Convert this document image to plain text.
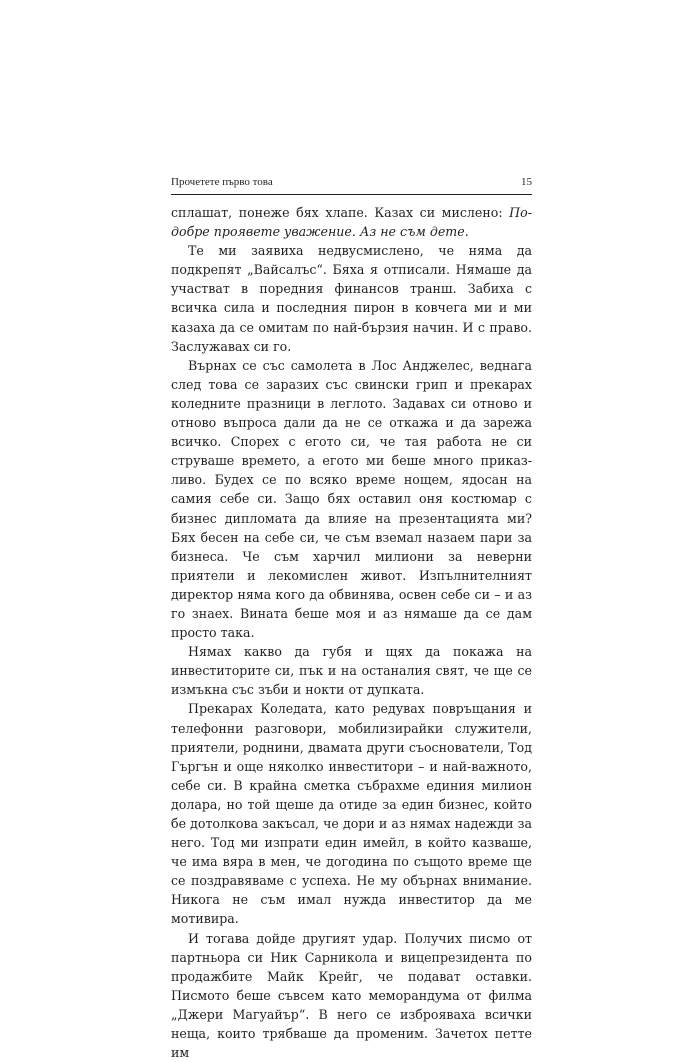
Прочетете първо това	15

сплашат, понеже бях хлапе. Казах си мислено: По-добре проявете уважение. Аз не съм дете.

Те ми заявиха недвусмислено, че няма да подкрепят „Вайсалъс“. Бяха я отписали. Нямаше да участват в поредния финансов транш. Забиха с всичка сила и последния пирон в ковчега ми и ми казаха да се омитам по най-бързия начин. И с право. Заслужавах си го.

Върнах се със самолета в Лос Анджелес, веднага след това се заразих със свински грип и прекарах коледните празници в леглото. Задавах си отново и отново въпроса дали да не се откажа и да зарежа всичко. Спорех с егото си, че тая работа не си струваше времето, а егото ми беше много приказливо. Будех се по всяко време нощем, ядосан на самия себе си. Защо бях оставил оня костюмар с бизнес дипломата да влияе на презентацията ми? Бях бесен на себе си, че съм вземал назаем пари за бизнеса. Че съм харчил милиони за неверни приятели и лекомислен живот. Изпълнителният директор няма кого да обвинява, освен себе си – и аз го знаех. Вината беше моя и аз нямаше да се дам просто така.

Нямах какво да губя и щях да покажа на инвеститорите си, пък и на останалия свят, че ще се измъкна със зъби и нокти от дупката.

Прекарах Коледата, като редувах повръщания и телефонни разговори, мобилизирайки служители, приятели, роднини, двамата други съоснователи, Тод Гъргън и още няколко инвеститори – и най-важното, себе си. В крайна сметка събрахме единия милион долара, но той щеше да отиде за един бизнес, който бе дотолкова закъсал, че дори и аз нямах надежди за него. Тод ми изпрати един имейл, в който казваше, че има вяра в мен, че догодина по същото време ще се поздравяваме с успеха. Не му обърнах внимание. Никога не съм имал нужда инвеститор да ме мотивира.

И тогава дойде другият удар. Получих писмо от партньора си Ник Сарникола и вицепрезидента по продажбите Майк Крейг, че подават оставки. Писмото беше съвсем като меморандума от филма „Джери Магуайър“. В него се изброяваха всички неща, които трябваше да променим. Зачетох петте им
